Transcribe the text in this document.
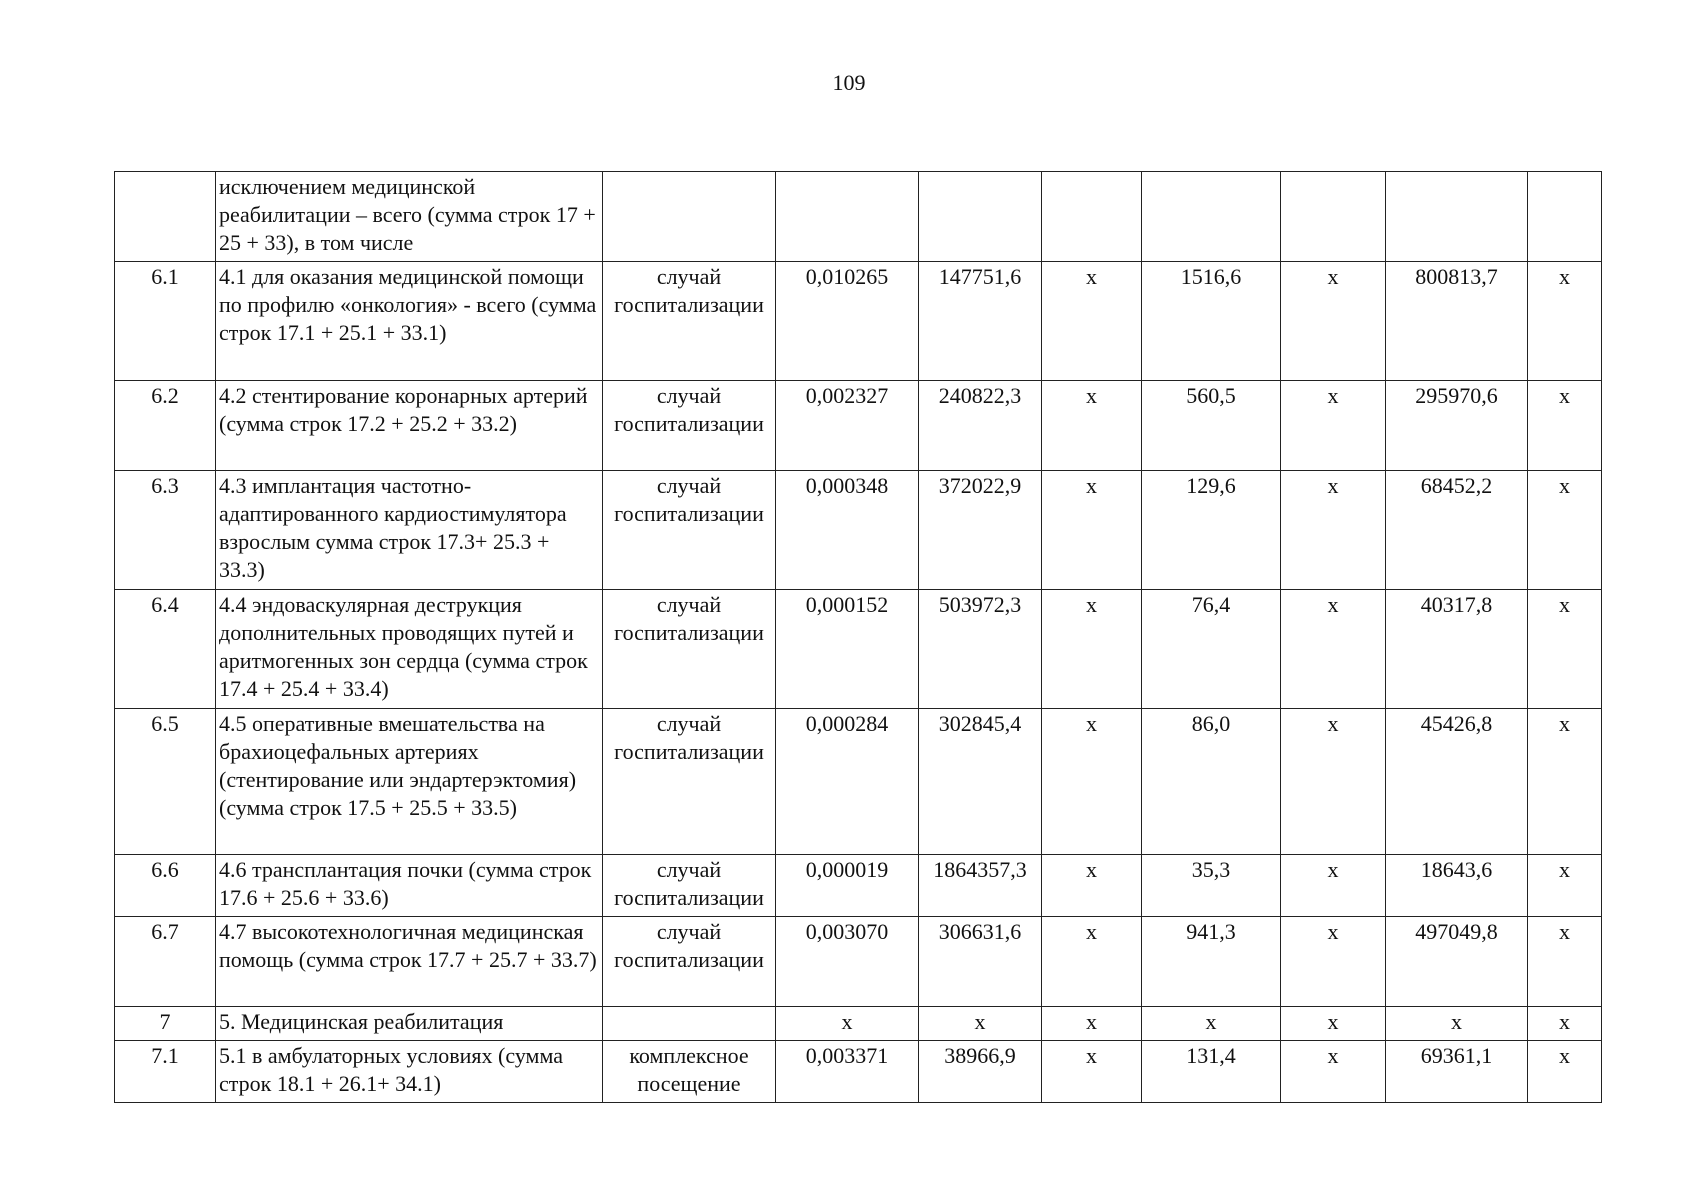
109
	исключением медицинской реабилитации – всего (сумма строк 17 + 25 + 33), в том числе								
6.1	4.1 для оказания медицинской помощи по профилю «онкология» - всего (сумма строк 17.1 + 25.1 + 33.1)	случай госпитализации	0,010265	147751,6	х	1516,6	х	800813,7	х
6.2	4.2 стентирование коронарных артерий (сумма строк 17.2 + 25.2 + 33.2)	случай госпитализации	0,002327	240822,3	х	560,5	х	295970,6	х
6.3	4.3 имплантация частотно-адаптированного кардиостимулятора взрослым сумма строк 17.3+ 25.3 + 33.3)	случай госпитализации	0,000348	372022,9	х	129,6	х	68452,2	х
6.4	4.4 эндоваскулярная деструкция дополнительных проводящих путей и аритмогенных зон сердца (сумма строк 17.4 + 25.4 + 33.4)	случай госпитализации	0,000152	503972,3	х	76,4	х	40317,8	х
6.5	4.5 оперативные вмешательства на брахиоцефальных артериях (стентирование или эндартерэктомия) (сумма строк 17.5 + 25.5 + 33.5)	случай госпитализации	0,000284	302845,4	х	86,0	х	45426,8	х
6.6	4.6 трансплантация почки (сумма строк 17.6 + 25.6 + 33.6)	случай госпитализации	0,000019	1864357,3	х	35,3	х	18643,6	х
6.7	4.7 высокотехнологичная медицинская помощь (сумма строк 17.7 + 25.7 + 33.7)	случай госпитализации	0,003070	306631,6	х	941,3	х	497049,8	х
7	5. Медицинская реабилитация		х	х	х	х	х	х	х
7.1	5.1 в амбулаторных условиях (сумма строк 18.1 + 26.1+ 34.1)	комплексное посещение	0,003371	38966,9	х	131,4	х	69361,1	х
